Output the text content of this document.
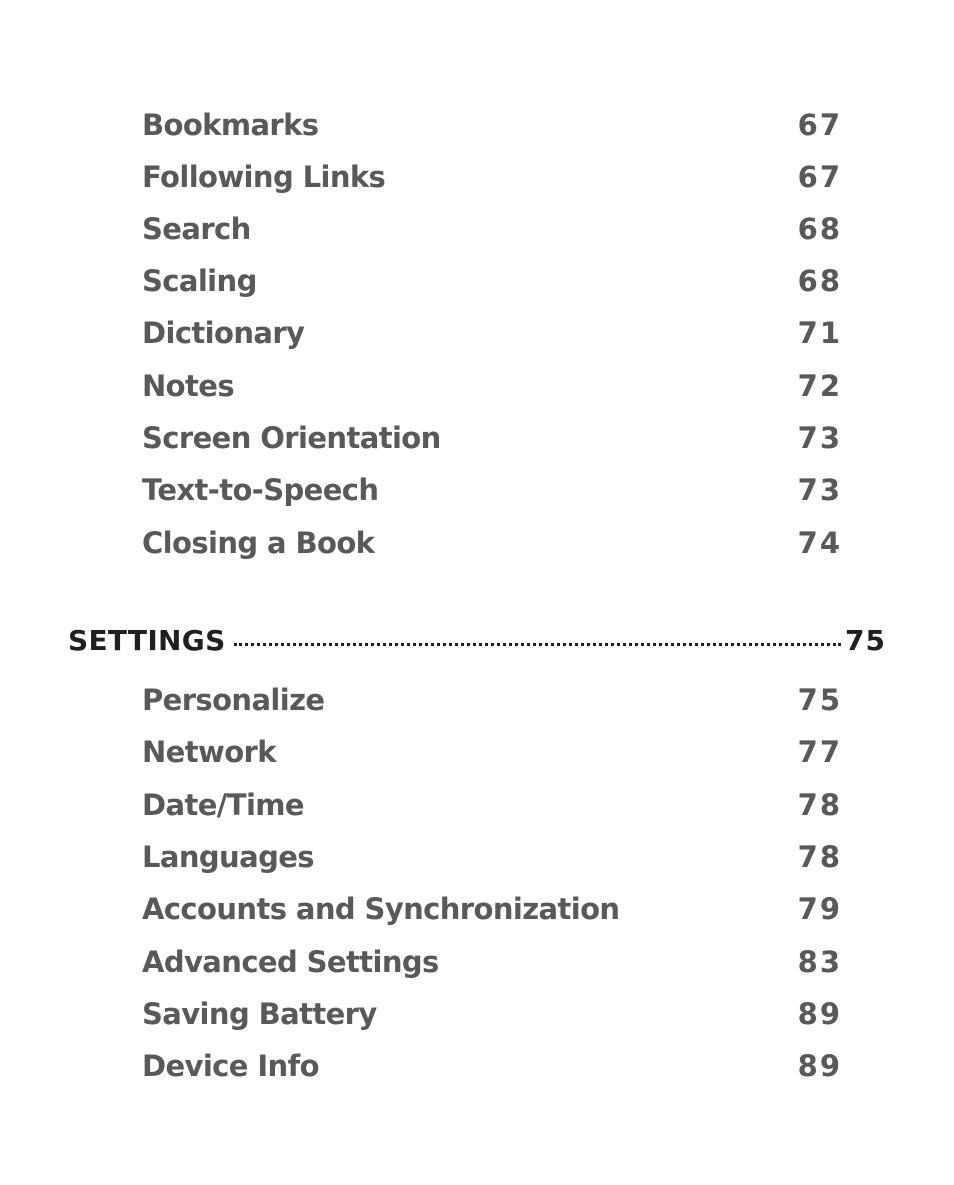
Bookmarks	67
Following Links	67
Search	68
Scaling	68
Dictionary	71
Notes	72
Screen Orientation	73
Text-to-Speech	73
Closing a Book	74
SETTINGS	75
Personalize	75
Network	77
Date/Time	78
Languages	78
Accounts and Synchronization	79
Advanced Settings	83
Saving Battery	89
Device Info	89
